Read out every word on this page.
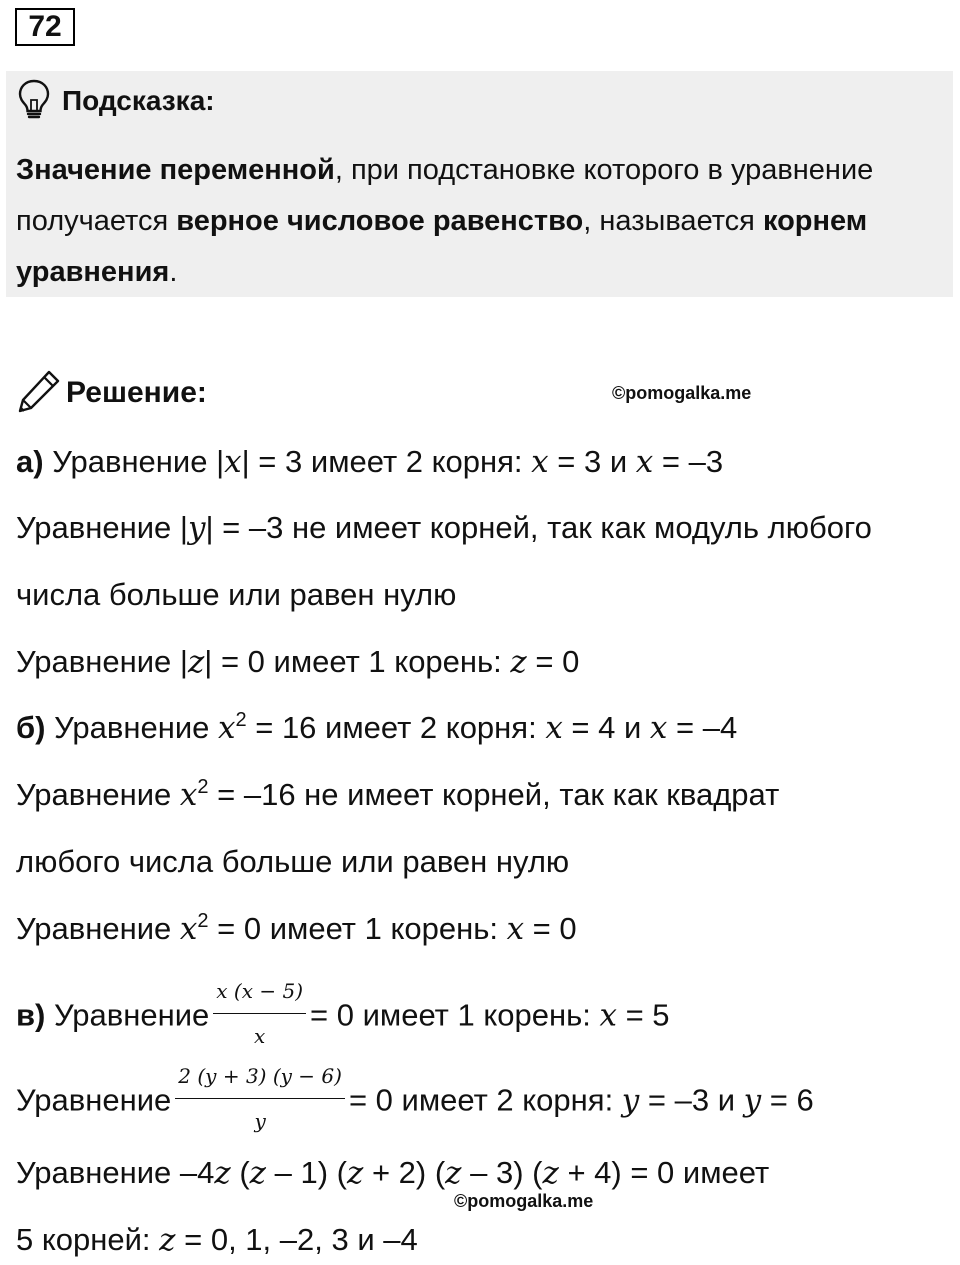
72
Подсказка:
Значение переменной, при подстановке которого в уравнение получается верное числовое равенство, называется корнем уравнения.
Решение:	©pomogalka.me
а) Уравнение |x| = 3 имеет 2 корня: x = 3 и x = –3
Уравнение |y| = –3 не имеет корней, так как модуль любого
числа больше или равен нулю
Уравнение |z| = 0 имеет 1 корень: z = 0
б) Уравнение $x^2 = 16$ имеет 2 корня: x = 4 и x = –4
Уравнение $x^2 = -16$ не имеет корней, так как квадрат
любого числа больше или равен нулю
Уравнение $x^2 = 0$ имеет 1 корень: x = 0
в) Уравнение $\frac{x (x - 5)}{x} = 0$ имеет 1 корень: x = 5
Уравнение $\frac{2 (y + 3) (y - 6)}{y} = 0$ имеет 2 корня: y = –3 и y = 6
Уравнение –4z (z – 1) (z + 2) (z – 3) (z + 4) = 0 имеет
©pomogalka.me
5 корней: z = 0, 1, –2, 3 и –4
